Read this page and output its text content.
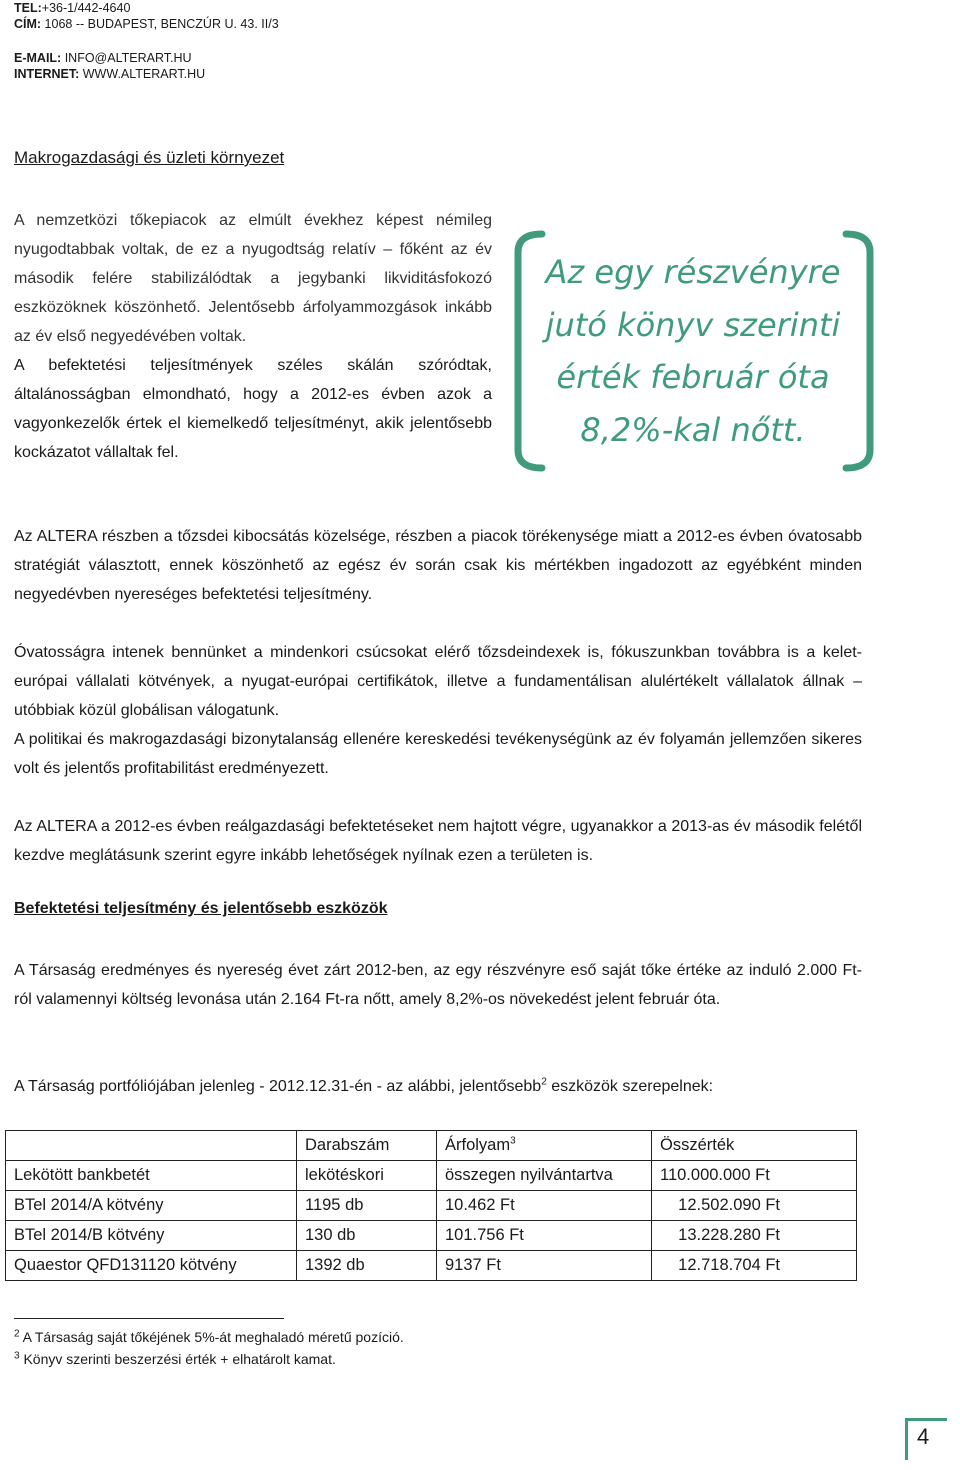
TEL:+36-1/442-4640
CÍM: 1068 -- BUDAPEST, BENCZÚR U. 43. II/3
E-MAIL: INFO@ALTERART.HU
INTERNET: WWW.ALTERART.HU
Makrogazdasági és üzleti környezet

A nemzetközi tőkepiacok az elmúlt évekhez képest némileg nyugodtabbak voltak, de ez a nyugodtság relatív – főként az év második felére stabilizálódtak a jegybanki likviditásfokozó eszközöknek köszönhető. Jelentősebb árfolyammozgások inkább az év első negyedévében voltak.

A befektetési teljesítmények széles skálán szóródtak, általánosságban elmondható, hogy a 2012-es évben azok a vagyonkezelők értek el kiemelkedő teljesítményt, akik jelentősebb kockázatot vállaltak fel.

Az egy részvényre
jutó könyv szerinti
érték február óta
8,2%-kal nőtt.

Az ALTERA részben a tőzsdei kibocsátás közelsége, részben a piacok törékenysége miatt a 2012-es évben óvatosabb stratégiát választott, ennek köszönhető az egész év során csak kis mértékben ingadozott az egyébként minden negyedévben nyereséges befektetési teljesítmény.

Óvatosságra intenek bennünket a mindenkori csúcsokat elérő tőzsdeindexek is, fókuszunkban továbbra is a kelet-európai vállalati kötvények, a nyugat-európai certifikátok, illetve a fundamentálisan alulértékelt vállalatok állnak – utóbbiak közül globálisan válogatunk.

A politikai és makrogazdasági bizonytalanság ellenére kereskedési tevékenységünk az év folyamán jellemzően sikeres volt és jelentős profitabilitást eredményezett.

Az ALTERA a 2012-es évben reálgazdasági befektetéseket nem hajtott végre, ugyanakkor a 2013-as év második felétől kezdve meglátásunk szerint egyre inkább lehetőségek nyílnak ezen a területen is.

Befektetési teljesítmény és jelentősebb eszközök

A Társaság eredményes és nyereség évet zárt 2012-ben, az egy részvényre eső saját tőke értéke az induló 2.000 Ft-ról valamennyi költség levonása után 2.164 Ft-ra nőtt, amely 8,2%-os növekedést jelent február óta.

A Társaság portfóliójában jelenleg - 2012.12.31-én - az alábbi, jelentősebb$^2$ eszközök szerepelnek:
	Darabszám	Árfolyam$^3$	Összérték
Lekötött bankbetét	lekötéskori	összegen nyilvántartva	110.000.000 Ft
BTel 2014/A kötvény	1195 db	10.462 Ft	12.502.090 Ft
BTel 2014/B kötvény	130 db	101.756 Ft	13.228.280 Ft
Quaestor QFD131120 kötvény	1392 db	9137 Ft	12.718.704 Ft
$^2$ A Társaság saját tőkéjének 5%-át meghaladó méretű pozíció.
$^3$ Könyv szerinti beszerzési érték + elhatárolt kamat.
4
